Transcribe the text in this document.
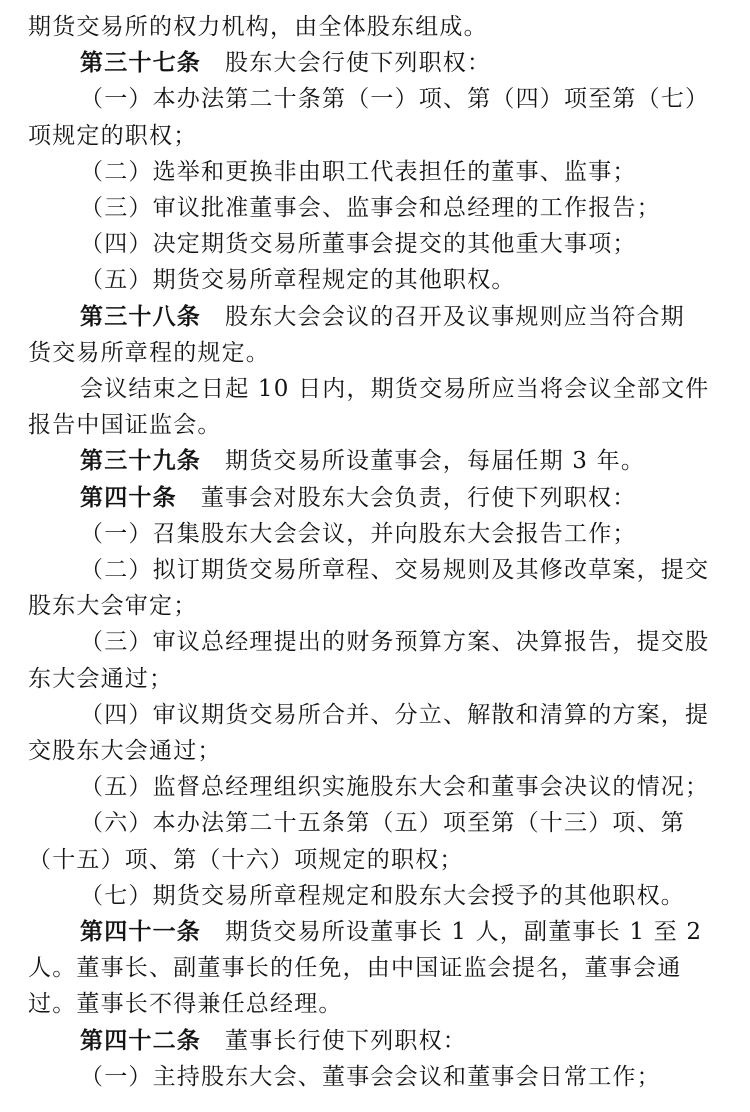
期货交易所的权力机构，由全体股东组成。
第三十七条 股东大会行使下列职权：
（一）本办法第二十条第（一）项、第（四）项至第（七）
项规定的职权；
（二）选举和更换非由职工代表担任的董事、监事；
（三）审议批准董事会、监事会和总经理的工作报告；
（四）决定期货交易所董事会提交的其他重大事项；
（五）期货交易所章程规定的其他职权。
第三十八条 股东大会会议的召开及议事规则应当符合期
货交易所章程的规定。
会议结束之日起 10 日内，期货交易所应当将会议全部文件
报告中国证监会。
第三十九条 期货交易所设董事会，每届任期 3 年。
第四十条 董事会对股东大会负责，行使下列职权：
（一）召集股东大会会议，并向股东大会报告工作；
（二）拟订期货交易所章程、交易规则及其修改草案，提交
股东大会审定；
（三）审议总经理提出的财务预算方案、决算报告，提交股
东大会通过；
（四）审议期货交易所合并、分立、解散和清算的方案，提
交股东大会通过；
（五）监督总经理组织实施股东大会和董事会决议的情况；
（六）本办法第二十五条第（五）项至第（十三）项、第
（十五）项、第（十六）项规定的职权；
（七）期货交易所章程规定和股东大会授予的其他职权。
第四十一条 期货交易所设董事长 1 人，副董事长 1 至 2
人。董事长、副董事长的任免，由中国证监会提名，董事会通
过。董事长不得兼任总经理。
第四十二条 董事长行使下列职权：
（一）主持股东大会、董事会会议和董事会日常工作；
